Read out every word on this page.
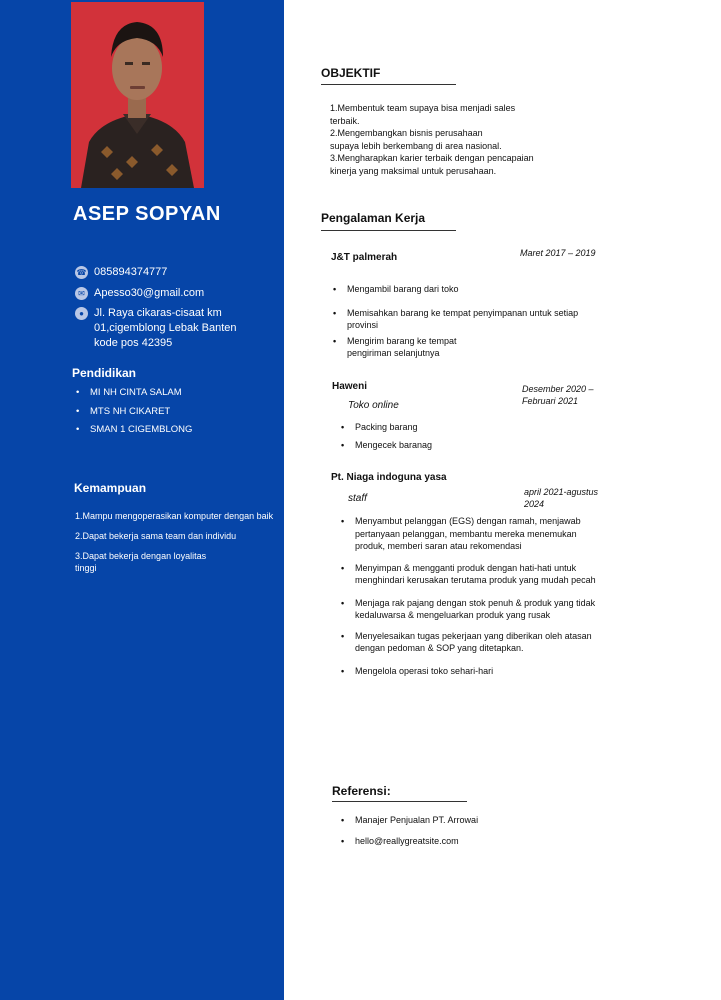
ASEP SOPYAN
☎ 085894374777
✉ Apesso30@gmail.com
● Jl. Raya cikaras-cisaat km 01,cigemblong Lebak Banten kode pos 42395
Pendidikan
• MI NH CINTA SALAM
• MTS NH CIKARET
• SMAN 1 CIGEMBLONG
Kemampuan
1.Mampu mengoperasikan komputer dengan baik
2.Dapat bekerja sama team dan individu
3.Dapat bekerja dengan loyalitas
tinggi
OBJEKTIF
1.Membentuk team supaya bisa menjadi sales
terbaik.
2.Mengembangkan bisnis perusahaan
supaya lebih berkembang di area nasional.
3.Mengharapkan karier terbaik dengan pencapaian
kinerja yang maksimal untuk perusahaan.
Pengalaman Kerja
J&T palmerah	Maret 2017 – 2019
• Mengambil barang dari toko
• Memisahkan barang ke tempat penyimpanan untuk setiap provinsi
• Mengirim barang ke tempat pengiriman selanjutnya
Haweni
Toko online
Desember 2020 – Februari 2021
• Packing barang
• Mengecek baranag
Pt. Niaga indoguna yasa
staff
april 2021-agustus 2024
• Menyambut pelanggan (EGS) dengan ramah, menjawab pertanyaan pelanggan, membantu mereka menemukan produk, memberi saran atau rekomendasi
• Menyimpan & mengganti produk dengan hati-hati untuk menghindari kerusakan terutama produk yang mudah pecah
• Menjaga rak pajang dengan stok penuh & produk yang tidak kedaluwarsa & mengeluarkan produk yang rusak
• Menyelesaikan tugas pekerjaan yang diberikan oleh atasan dengan pedoman & SOP yang ditetapkan.
• Mengelola operasi toko sehari-hari
Referensi:
• Manajer Penjualan PT. Arrowai
• hello@reallygreatsite.com
